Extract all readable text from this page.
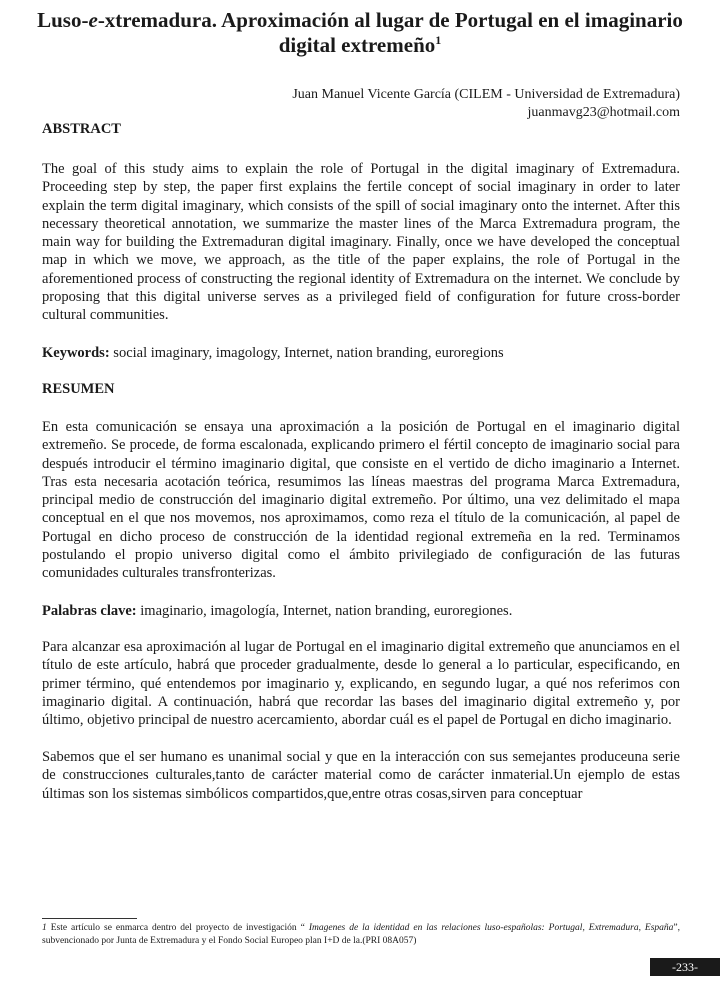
Luso-e-xtremadura. Aproximación al lugar de Portugal en el imaginario digital extremeño$^1$
Juan Manuel Vicente García (CILEM - Universidad de Extremadura)
juanmavg23@hotmail.com
ABSTRACT

The goal of this study aims to explain the role of Portugal in the digital imaginary of Extremadura. Proceeding step by step, the paper first explains the fertile concept of social imaginary in order to later explain the term digital imaginary, which consists of the spill of social imaginary onto the internet. After this necessary theoretical annotation, we summarize the master lines of the Marca Extremadura program, the main way for building the Extremaduran digital imaginary. Finally, once we have developed the conceptual map in which we move, we approach, as the title of the paper explains, the role of Portugal in the aforementioned process of constructing the regional identity of Extremadura on the internet. We conclude by proposing that this digital universe serves as a privileged field of configuration for future cross-border cultural communities.

Keywords: social imaginary, imagology, Internet, nation branding, euroregions

RESUMEN

En esta comunicación se ensaya una aproximación a la posición de Portugal en el imaginario digital extremeño. Se procede, de forma escalonada, explicando primero el fértil concepto de imaginario social para después introducir el término imaginario digital, que consiste en el vertido de dicho imaginario a Internet. Tras esta necesaria acotación teórica, resumimos las líneas maestras del programa Marca Extremadura, principal medio de construcción del imaginario digital extremeño. Por último, una vez delimitado el mapa conceptual en el que nos movemos, nos aproximamos, como reza el título de la comunicación, al papel de Portugal en dicho proceso de construcción de la identidad regional extremeña en la red. Terminamos postulando el propio universo digital como el ámbito privilegiado de configuración de las futuras comunidades culturales transfronterizas.

Palabras clave: imaginario, imagología, Internet, nation branding, euroregiones.

Para alcanzar esa aproximación al lugar de Portugal en el imaginario digital extremeño que anunciamos en el título de este artículo, habrá que proceder gradualmente, desde lo general a lo particular, especificando, en primer término, qué entendemos por imaginario y, explicando, en segundo lugar, a qué nos referimos con imaginario digital. A continuación, habrá que recordar las bases del imaginario digital extremeño y, por último, objetivo principal de nuestro acercamiento, abordar cuál es el papel de Portugal en dicho imaginario.

Sabemos que el ser humano es unanimal social y que en la interacción con sus semejantes produceuna serie de construcciones culturales,tanto de carácter material como de carácter inmaterial.Un ejemplo de estas últimas son los sistemas simbólicos compartidos,que,entre otras cosas,sirven para conceptuar

1 Este artículo se enmarca dentro del proyecto de investigación “ Imagenes de la identidad en las relaciones luso-españolas: Portugal, Extremadura, España”, subvencionado por Junta de Extremadura y el Fondo Social Europeo plan I+D de la.(PRI 08A057)

-233-
